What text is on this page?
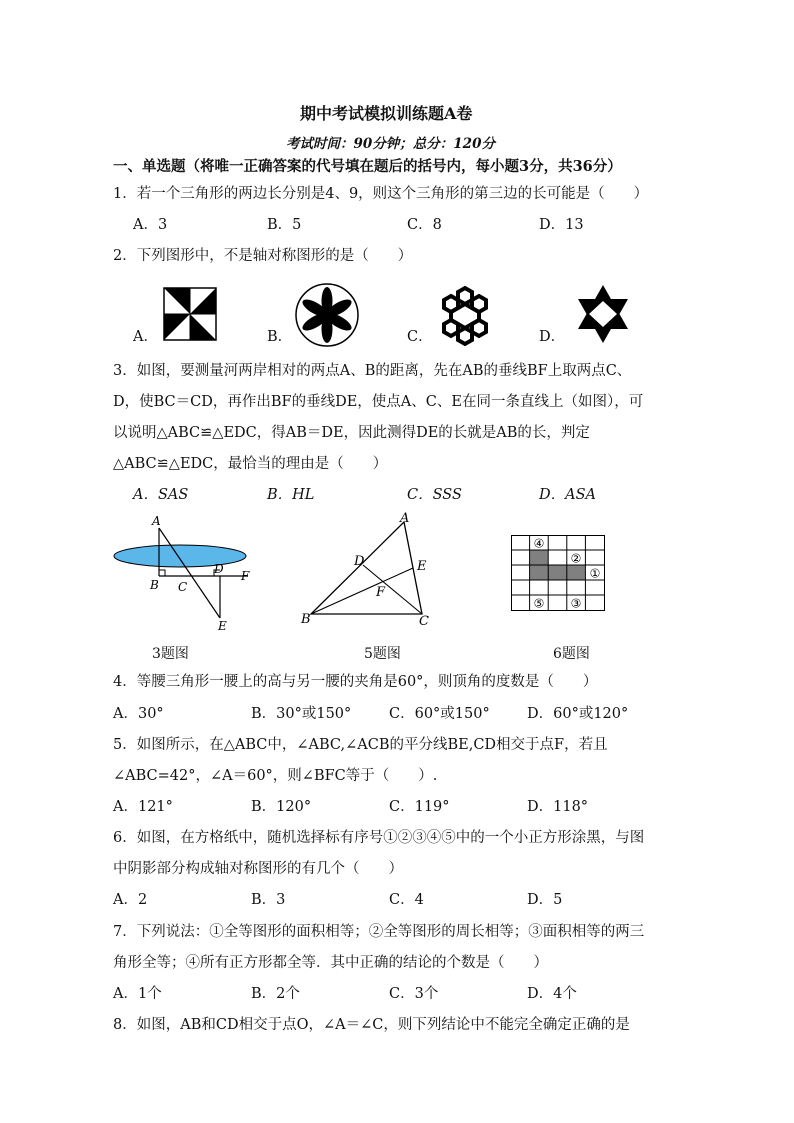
期中考试模拟训练题A卷
考试时间：90分钟；总分：120分
一、单选题（将唯一正确答案的代号填在题后的括号内，每小题3分，共36分）
1．若一个三角形的两边长分别是4、9，则这个三角形的第三边的长可能是（　　）
A．3	B．5	C．8	D．13
2．下列图形中，不是轴对称图形的是（　　）
A．	B．	C．	D．
3．如图，要测量河两岸相对的两点A、B的距离，先在AB的垂线BF上取两点C、
D，使BC＝CD，再作出BF的垂线DE，使点A、C、E在同一条直线上（如图），可
以说明△ABC≌△EDC，得AB＝DE，因此测得DE的长就是AB的长，判定
△ABC≌△EDC，最恰当的理由是（　　）
A．SAS	B．HL	C．SSS	D．ASA
A
B C
D F
E
3题图
A
D	E
F
B	C
5题图
④
②
①
⑤ ③
6题图
4．等腰三角形一腰上的高与另一腰的夹角是60°，则顶角的度数是（　　）
A．30°	B．30°或150°	C．60°或150°	D．60°或120°
5．如图所示，在△ABC中，∠ABC,∠ACB的平分线BE,CD相交于点F，若且
∠ABC=42°，∠A＝60°，则∠BFC等于（　　）.
A．121°	B．120°	C．119°	D．118°
6．如图，在方格纸中，随机选择标有序号①②③④⑤中的一个小正方形涂黑，与图
中阴影部分构成轴对称图形的有几个（　　）
A．2	B．3	C．4	D．5
7．下列说法：①全等图形的面积相等；②全等图形的周长相等；③面积相等的两三
角形全等；④所有正方形都全等．其中正确的结论的个数是（　　）
A．1个	B．2个	C．3个	D．4个
8．如图，AB和CD相交于点O，∠A＝∠C，则下列结论中不能完全确定正确的是
